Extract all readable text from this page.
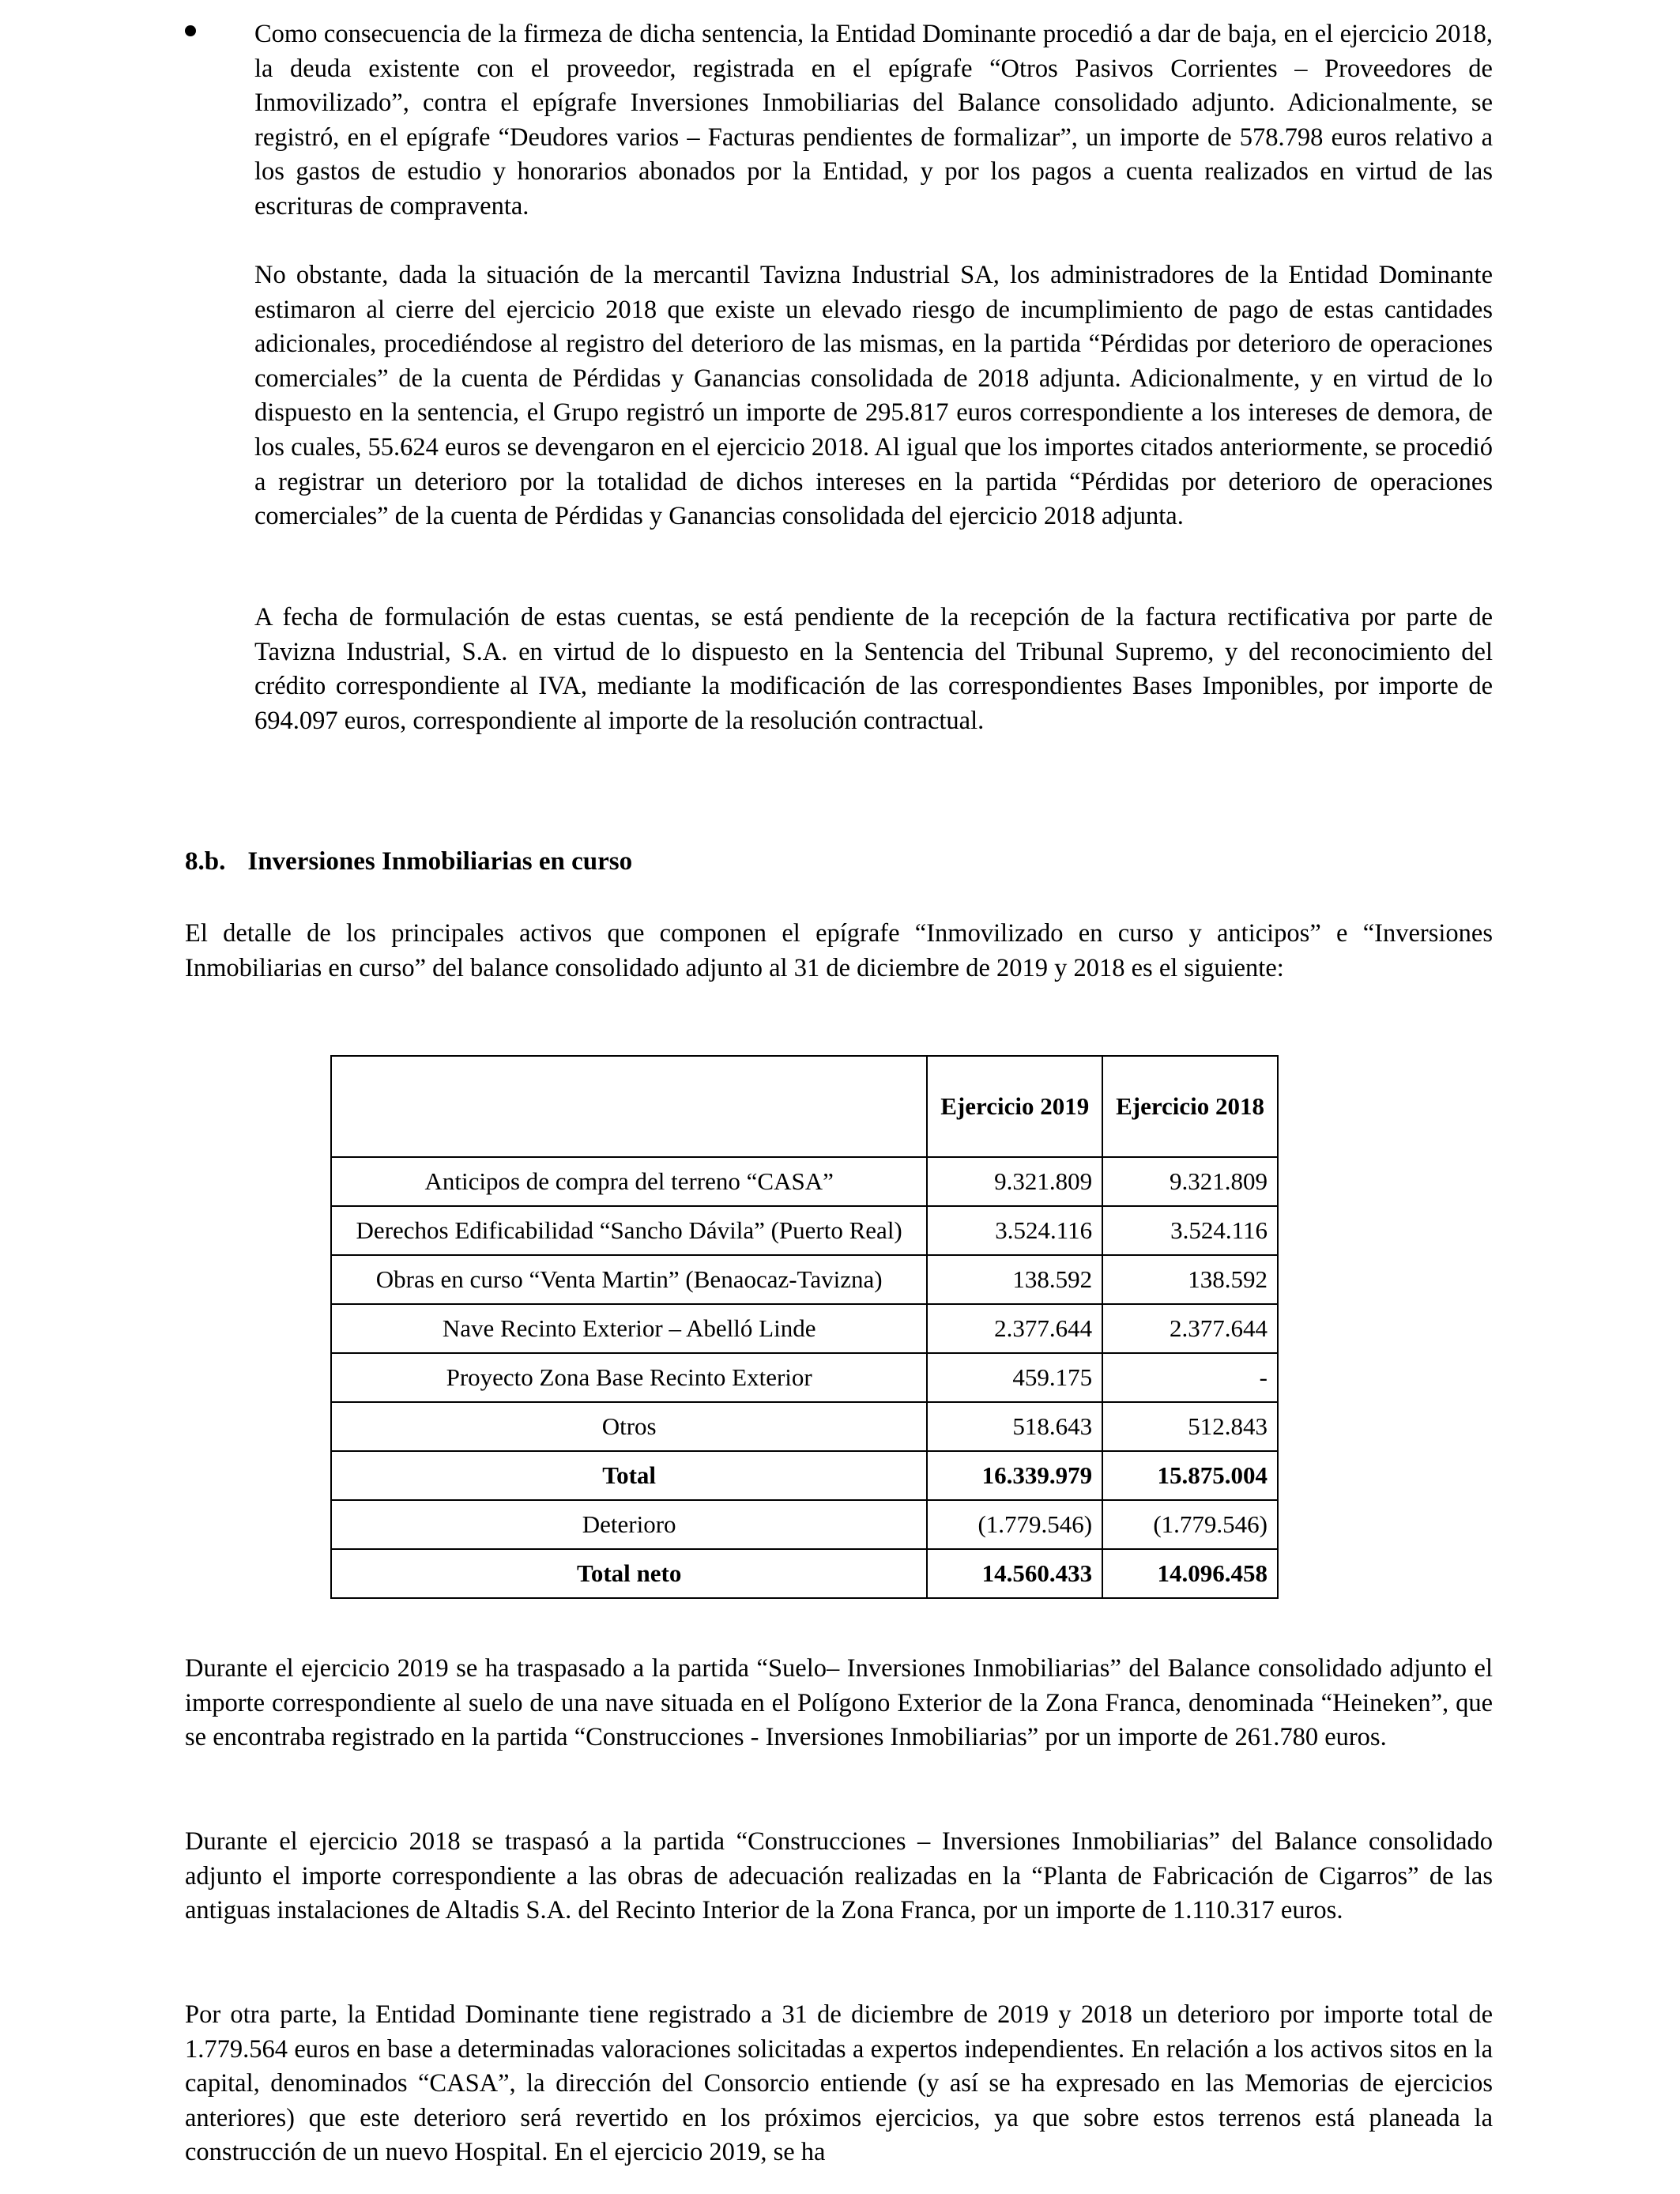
Como consecuencia de la firmeza de dicha sentencia, la Entidad Dominante procedió a dar de baja, en el ejercicio 2018, la deuda existente con el proveedor, registrada en el epígrafe “Otros Pasivos Corrientes – Proveedores de Inmovilizado”, contra el epígrafe Inversiones Inmobiliarias del Balance consolidado adjunto. Adicionalmente, se registró, en el epígrafe “Deudores varios – Facturas pendientes de formalizar”, un importe de 578.798 euros relativo a los gastos de estudio y honorarios abonados por la Entidad, y por los pagos a cuenta realizados en virtud de las escrituras de compraventa.

No obstante, dada la situación de la mercantil Tavizna Industrial SA, los administradores de la Entidad Dominante estimaron al cierre del ejercicio 2018 que existe un elevado riesgo de incumplimiento de pago de estas cantidades adicionales, procediéndose al registro del deterioro de las mismas, en la partida “Pérdidas por deterioro de operaciones comerciales” de la cuenta de Pérdidas y Ganancias consolidada de 2018 adjunta. Adicionalmente, y en virtud de lo dispuesto en la sentencia, el Grupo registró un importe de 295.817 euros correspondiente a los intereses de demora, de los cuales, 55.624 euros se devengaron en el ejercicio 2018. Al igual que los importes citados anteriormente, se procedió a registrar un deterioro por la totalidad de dichos intereses en la partida “Pérdidas por deterioro de operaciones comerciales” de la cuenta de Pérdidas y Ganancias consolidada del ejercicio 2018 adjunta.

A fecha de formulación de estas cuentas, se está pendiente de la recepción de la factura rectificativa por parte de Tavizna Industrial, S.A. en virtud de lo dispuesto en la Sentencia del Tribunal Supremo, y del reconocimiento del crédito correspondiente al IVA, mediante la modificación de las correspondientes Bases Imponibles, por importe de 694.097 euros, correspondiente al importe de la resolución contractual.

8.b. Inversiones Inmobiliarias en curso

El detalle de los principales activos que componen el epígrafe “Inmovilizado en curso y anticipos” e “Inversiones Inmobiliarias en curso” del balance consolidado adjunto al 31 de diciembre de 2019 y 2018 es el siguiente:

	Ejercicio 2019	Ejercicio 2018
Anticipos de compra del terreno “CASA”	9.321.809	9.321.809
Derechos Edificabilidad “Sancho Dávila” (Puerto Real)	3.524.116	3.524.116
Obras en curso “Venta Martin” (Benaocaz-Tavizna)	138.592	138.592
Nave Recinto Exterior – Abelló Linde	2.377.644	2.377.644
Proyecto Zona Base Recinto Exterior	459.175	-
Otros	518.643	512.843
Total	16.339.979	15.875.004
Deterioro	(1.779.546)	(1.779.546)
Total neto	14.560.433	14.096.458

Durante el ejercicio 2019 se ha traspasado a la partida “Suelo– Inversiones Inmobiliarias” del Balance consolidado adjunto el importe correspondiente al suelo de una nave situada en el Polígono Exterior de la Zona Franca, denominada “Heineken”, que se encontraba registrado en la partida “Construcciones - Inversiones Inmobiliarias” por un importe de 261.780 euros.

Durante el ejercicio 2018 se traspasó a la partida “Construcciones – Inversiones Inmobiliarias” del Balance consolidado adjunto el importe correspondiente a las obras de adecuación realizadas en la “Planta de Fabricación de Cigarros” de las antiguas instalaciones de Altadis S.A. del Recinto Interior de la Zona Franca, por un importe de 1.110.317 euros.

Por otra parte, la Entidad Dominante tiene registrado a 31 de diciembre de 2019 y 2018 un deterioro por importe total de 1.779.564 euros en base a determinadas valoraciones solicitadas a expertos independientes. En relación a los activos sitos en la capital, denominados “CASA”, la dirección del Consorcio entiende (y así se ha expresado en las Memorias de ejercicios anteriores) que este deterioro será revertido en los próximos ejercicios, ya que sobre estos terrenos está planeada la construcción de un nuevo Hospital. En el ejercicio 2019, se ha
